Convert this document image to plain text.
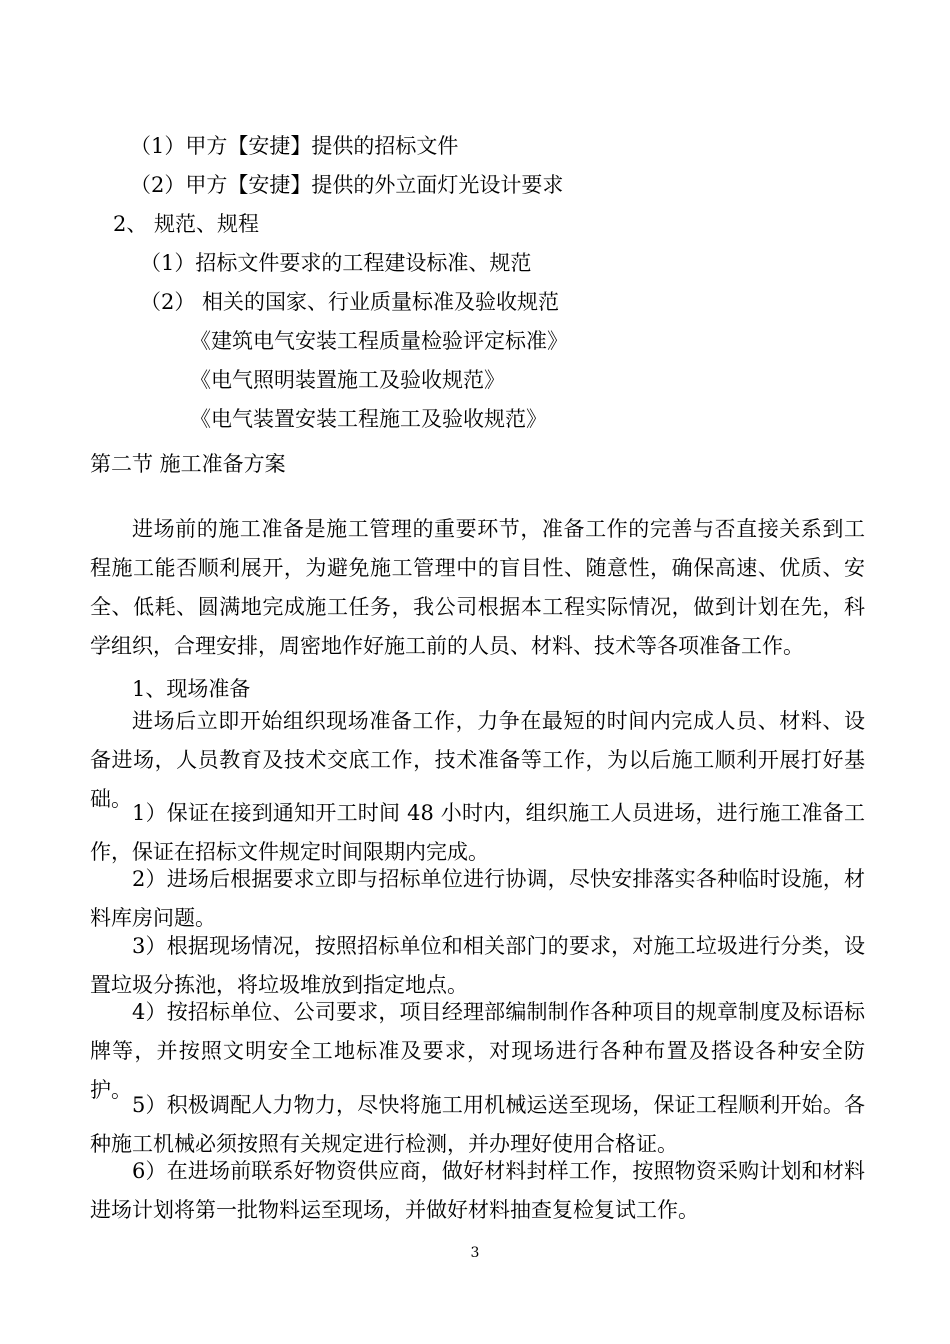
（1）甲方【安捷】提供的招标文件

（2）甲方【安捷】提供的外立面灯光设计要求

2、 规范、规程

（1）招标文件要求的工程建设标准、规范

（2） 相关的国家、行业质量标准及验收规范

《建筑电气安装工程质量检验评定标准》

《电气照明装置施工及验收规范》

《电气装置安装工程施工及验收规范》

第二节 施工准备方案

进场前的施工准备是施工管理的重要环节，准备工作的完善与否直接关系到工程施工能否顺利展开，为避免施工管理中的盲目性、随意性，确保高速、优质、安全、低耗、圆满地完成施工任务，我公司根据本工程实际情况，做到计划在先，科学组织，合理安排，周密地作好施工前的人员、材料、技术等各项准备工作。

1、现场准备

进场后立即开始组织现场准备工作，力争在最短的时间内完成人员、材料、设备进场，人员教育及技术交底工作，技术准备等工作，为以后施工顺利开展打好基础。

1）保证在接到通知开工时间 48 小时内，组织施工人员进场，进行施工准备工作，保证在招标文件规定时间限期内完成。

2）进场后根据要求立即与招标单位进行协调，尽快安排落实各种临时设施，材料库房问题。

3）根据现场情况，按照招标单位和相关部门的要求，对施工垃圾进行分类，设置垃圾分拣池，将垃圾堆放到指定地点。

4）按招标单位、公司要求，项目经理部编制制作各种项目的规章制度及标语标牌等，并按照文明安全工地标准及要求，对现场进行各种布置及搭设各种安全防护。

5）积极调配人力物力，尽快将施工用机械运送至现场，保证工程顺利开始。各种施工机械必须按照有关规定进行检测，并办理好使用合格证。

6）在进场前联系好物资供应商，做好材料封样工作，按照物资采购计划和材料进场计划将第一批物料运至现场，并做好材料抽查复检复试工作。

3
